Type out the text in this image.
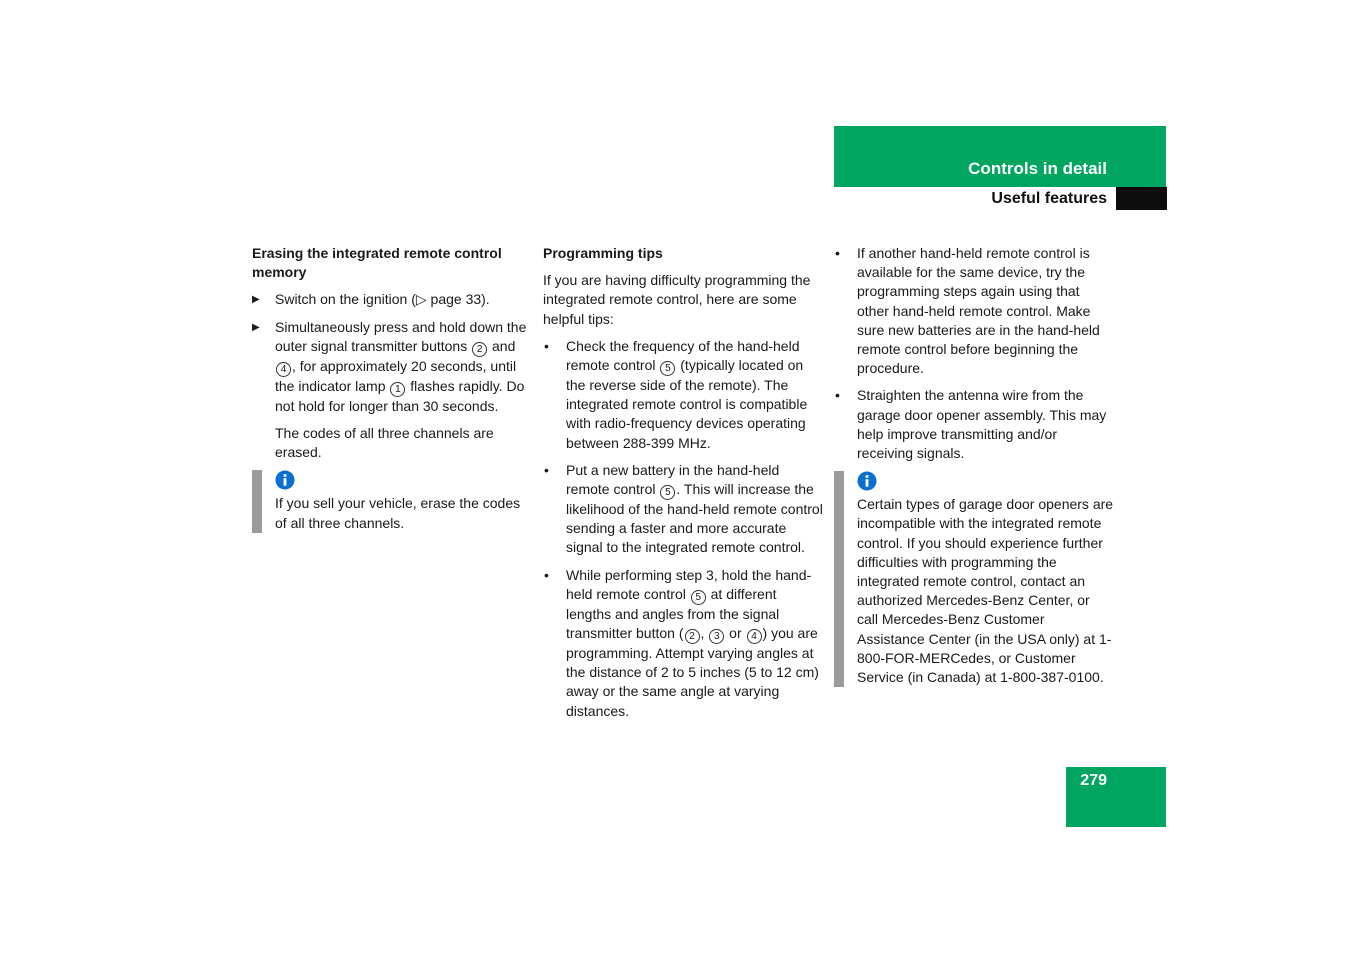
Controls in detail
Useful features

Erasing the integrated remote control memory

▶ Switch on the ignition (▷ page 33).
▶ Simultaneously press and hold down the outer signal transmitter buttons 2 and 4 , for approximately 20 seconds, until the indicator lamp 1 flashes rapidly. Do not hold for longer than 30 seconds.

The codes of all three channels are erased.

If you sell your vehicle, erase the codes of all three channels.

Programming tips

If you are having difficulty programming the integrated remote control, here are some helpful tips:

• Check the frequency of the hand-held remote control 5 (typically located on the reverse side of the remote). The integrated remote control is compatible with radio-frequency devices operating between 288-399 MHz.
• Put a new battery in the hand-held remote control 5 . This will increase the likelihood of the hand-held remote control sending a faster and more accurate signal to the integrated remote control.
• While performing step 3, hold the hand-held remote control 5 at different lengths and angles from the signal transmitter button ( 2 , 3 or 4 ) you are programming. Attempt varying angles at the distance of 2 to 5 inches (5 to 12 cm) away or the same angle at varying distances.
• If another hand-held remote control is available for the same device, try the programming steps again using that other hand-held remote control. Make sure new batteries are in the hand-held remote control before beginning the procedure.
• Straighten the antenna wire from the garage door opener assembly. This may help improve transmitting and/or receiving signals.
Certain types of garage door openers are incompatible with the integrated remote control. If you should experience further difficulties with programming the integrated remote control, contact an authorized Mercedes-Benz Center, or call Mercedes-Benz Customer Assistance Center (in the USA only) at 1-800-FOR-MERCedes, or Customer Service (in Canada) at 1-800-387-0100.
279
